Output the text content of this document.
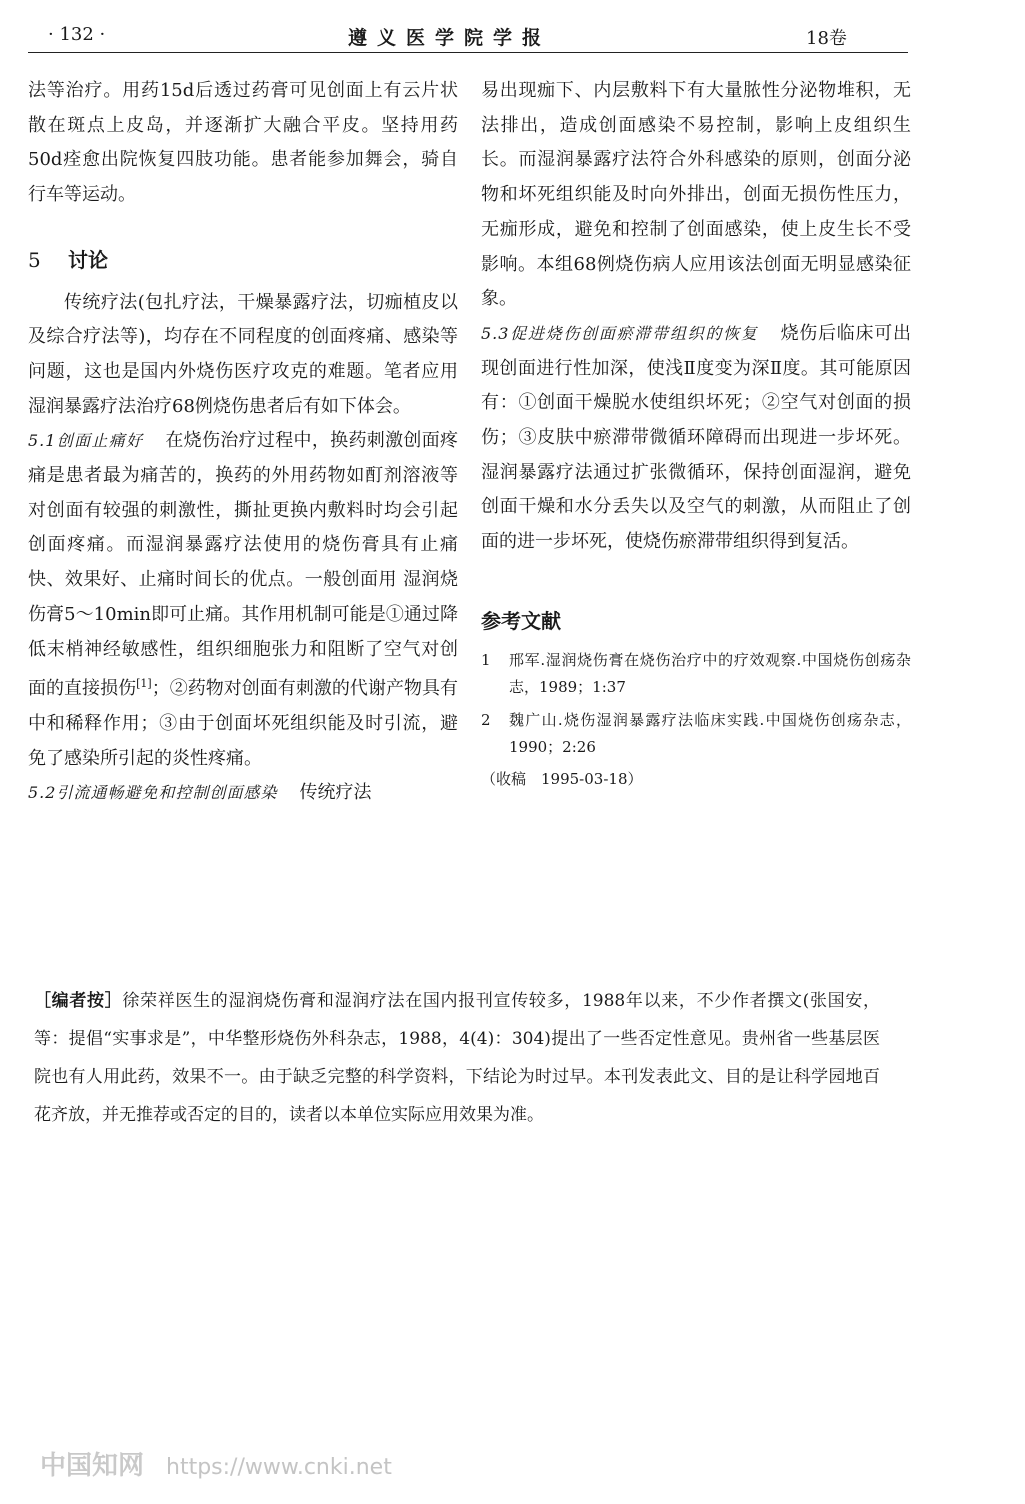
· 132 ·	遵义医学院学报	18卷

法等治疗。用药15d后透过药膏可见创面上有云片状散在斑点上皮岛，并逐渐扩大融合平皮。坚持用药50d痊愈出院恢复四肢功能。患者能参加舞会，骑自行车等运动。

5 讨论

传统疗法(包扎疗法，干燥暴露疗法，切痂植皮以及综合疗法等)，均存在不同程度的创面疼痛、感染等问题，这也是国内外烧伤医疗攻克的难题。笔者应用湿润暴露疗法治疗68例烧伤患者后有如下体会。

5.1创面止痛好 在烧伤治疗过程中，换药刺激创面疼痛是患者最为痛苦的，换药的外用药物如酊剂溶液等对创面有较强的刺激性，撕扯更换内敷料时均会引起创面疼痛。而湿润暴露疗法使用的烧伤膏具有止痛快、效果好、止痛时间长的优点。一般创面用 湿润烧伤膏5～10min即可止痛。其作用机制可能是①通过降低末梢神经敏感性，组织细胞张力和阻断了空气对创面的直接损伤[1]；②药物对创面有刺激的代谢产物具有中和稀释作用；③由于创面坏死组织能及时引流，避免了感染所引起的炎性疼痛。

5.2引流通畅避免和控制创面感染 传统疗法

易出现痂下、内层敷料下有大量脓性分泌物堆积，无法排出，造成创面感染不易控制，影响上皮组织生长。而湿润暴露疗法符合外科感染的原则，创面分泌物和坏死组织能及时向外排出，创面无损伤性压力，无痂形成，避免和控制了创面感染，使上皮生长不受影响。本组68例烧伤病人应用该法创面无明显感染征象。

5.3促进烧伤创面瘀滞带组织的恢复 烧伤后临床可出现创面进行性加深，使浅Ⅱ度变为深Ⅱ度。其可能原因有：①创面干燥脱水使组织坏死；②空气对创面的损伤；③皮肤中瘀滞带微循环障碍而出现进一步坏死。湿润暴露疗法通过扩张微循环，保持创面湿润，避免创面干燥和水分丢失以及空气的刺激，从而阻止了创面的进一步坏死，使烧伤瘀滞带组织得到复活。

参考文献

1 邢军.湿润烧伤膏在烧伤治疗中的疗效观察.中国烧伤创疡杂志，1989；1:37

2 魏广山.烧伤湿润暴露疗法临床实践.中国烧伤创疡杂志，1990；2:26

（收稿　1995-03-18）

［编者按］徐荣祥医生的湿润烧伤膏和湿润疗法在国内报刊宣传较多，1988年以来，不少作者撰文(张国安，等：提倡“实事求是”，中华整形烧伤外科杂志，1988，4(4)：304)提出了一些否定性意见。贵州省一些基层医院也有人用此药，效果不一。由于缺乏完整的科学资料，下结论为时过早。本刊发表此文、目的是让科学园地百花齐放，并无推荐或否定的目的，读者以本单位实际应用效果为准。
中国知网 https://www.cnki.net
